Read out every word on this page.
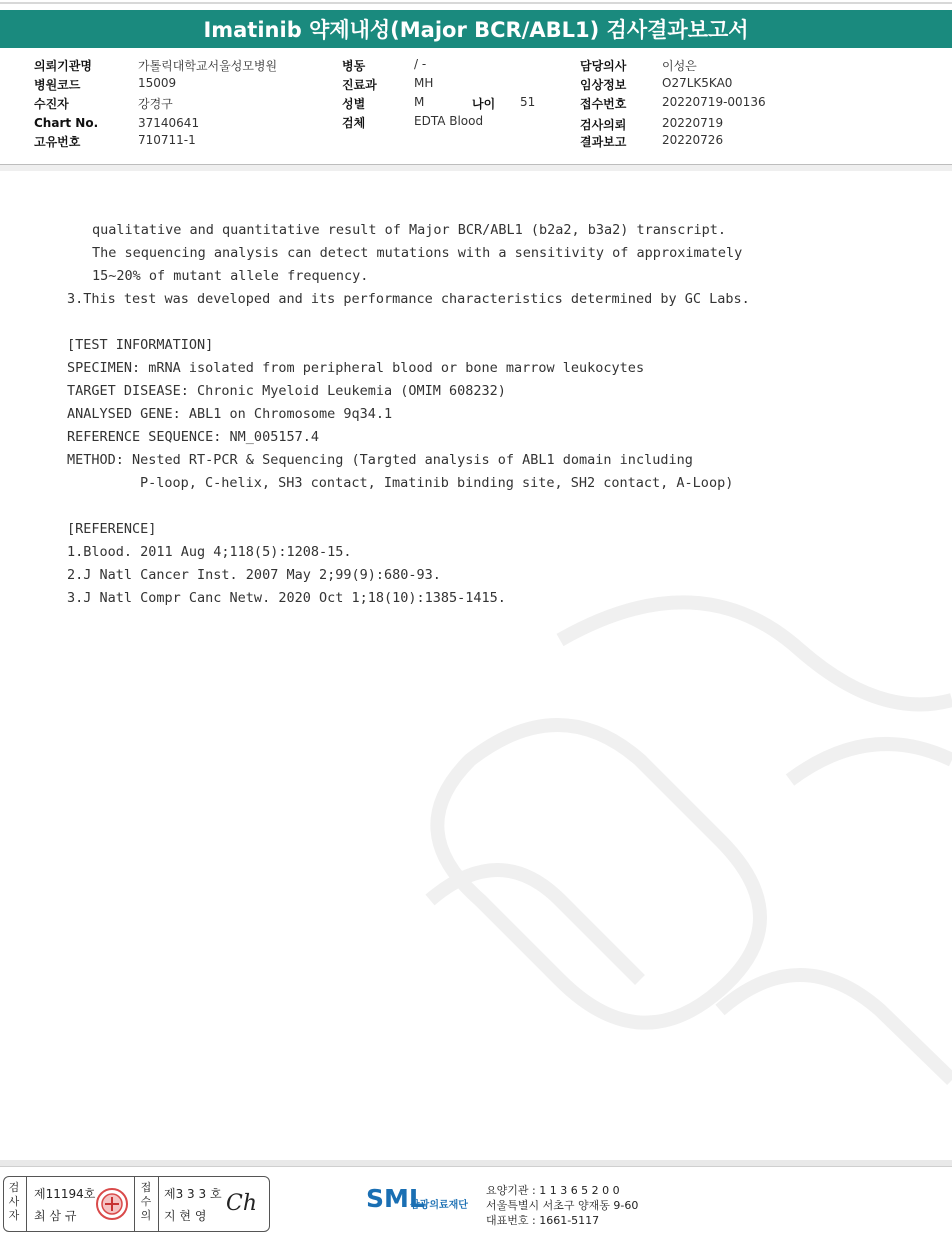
Imatinib 약제내성(Major BCR/ABL1) 검사결과보고서
의뢰기관명	가톨릭대학교서울성모병원
병원코드	15009
수진자	강경구
Chart No.	37140641
고유번호	710711-1
병동	/ -
진료과	MH
성별	M	나이 51
검체	EDTA Blood
담당의사	이성은
임상정보	O27LK5KA0
접수번호	20220719-00136
검사의뢰	20220719
결과보고	20220726
qualitative and quantitative result of Major BCR/ABL1 (b2a2, b3a2) transcript.
The sequencing analysis can detect mutations with a sensitivity of approximately
15~20% of mutant allele frequency.
3.This test was developed and its performance characteristics determined by GC Labs.
[TEST INFORMATION]
SPECIMEN: mRNA isolated from peripheral blood or bone marrow leukocytes
TARGET DISEASE: Chronic Myeloid Leukemia (OMIM 608232)
ANALYSED GENE: ABL1 on Chromosome 9q34.1
REFERENCE SEQUENCE: NM_005157.4
METHOD: Nested RT-PCR & Sequencing (Targted analysis of ABL1 domain including
P-loop, C-helix, SH3 contact, Imatinib binding site, SH2 contact, A-Loop)
[REFERENCE]
1.Blood. 2011 Aug 4;118(5):1208-15.
2.J Natl Cancer Inst. 2007 May 2;99(9):680-93.
3.J Natl Compr Canc Netw. 2020 Oct 1;18(10):1385-1415.
검사자
제11194호
최 삼 규
접수의
제3 3 3 호
지 현 영 Ch	SML
삼광의료재단
요양기관 : 1 1 3 6 5 2 0 0
서울특별시 서초구 양재동 9-60
대표번호 : 1661-5117
